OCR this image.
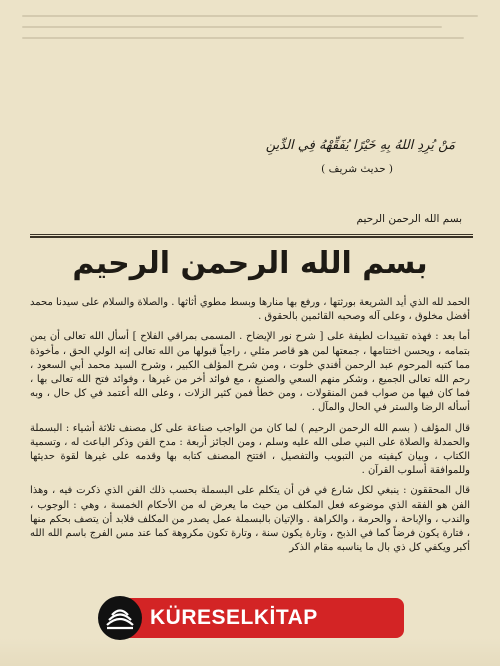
مَنْ يُرِدِ اللهُ بِهِ خَيْرًا يُفَقِّهْهُ فِي الدِّينِ
( حديث شريف )
بسم الله الرحمن الرحيم
بسم الله الرحمن الرحيم

الحمد لله الذي أيد الشريعة بورثتها ، ورفع بها منارها وبسط مطوي أثاثها . والصلاة والسلام على سيدنا محمد أفضل مخلوق ، وعلى آله وصحبه القائمين بالحقوق .

أما بعد : فهذه تقييدات لطيفة على [ شرح نور الإيضاح . المسمى بمراقي الفلاح ] أسأل الله تعالى أن يمن بتمامه ، ويحسن اختتامها ، جمعتها لمن هو قاصر مثلي ، راجياً قبولها من الله تعالى إنه الولي الحق ، مأخوذة مما كتبه المرحوم عبد الرحمن أفندي خلوت ، ومن شرح المؤلف الكبير ، وشرح السيد محمد أبي السعود ، رحم الله تعالى الجميع ، وشكر منهم السعي والصنيع ، مع فوائد أخر من غيرها ، وفوائد فتح الله تعالى بها ، فما كان فيها من صواب فمن المنقولات ، ومن خطأ فمن كثير الزلات ، وعلى الله أعتمد في كل حال ، وبه أسأله الرضا والستر في الحال والمآل .

قال المؤلف ( بسم الله الرحمن الرحيم ) لما كان من الواجب صناعة على كل مصنف ثلاثة أشياء : البسملة والحمدلة والصلاة على النبي صلى الله عليه وسلم ، ومن الجائز أربعة : مدح الفن وذكر الباعث له ، وتسمية الكتاب ، وبيان كيفيته من التبويب والتفصيل ، افتتح المصنف كتابه بها وقدمه على غيرها لقوة حديثها وللموافقة أسلوب القرآن .

قال المحققون : ينبغي لكل شارع في فن أن يتكلم على البسملة بحسب ذلك الفن الذي ذكرت فيه ، وهذا الفن هو الفقه الذي موضوعه فعل المكلف من حيث ما يعرض له من الأحكام الخمسة ، وهي : الوجوب ، والندب ، والإباحة ، والحرمة ، والكراهة . والإتيان بالبسملة عمل يصدر من المكلف فلابد أن يتصف بحكم منها ، فتارة يكون فرضاً كما في الذبح ، وتارة يكون سنة ، وتارة تكون مكروهة كما عند مس الفرج باسم الله الله أكبر ويكفي كل ذي بال ما يناسبه مقام الذكر

KÜRESELKİTAP
